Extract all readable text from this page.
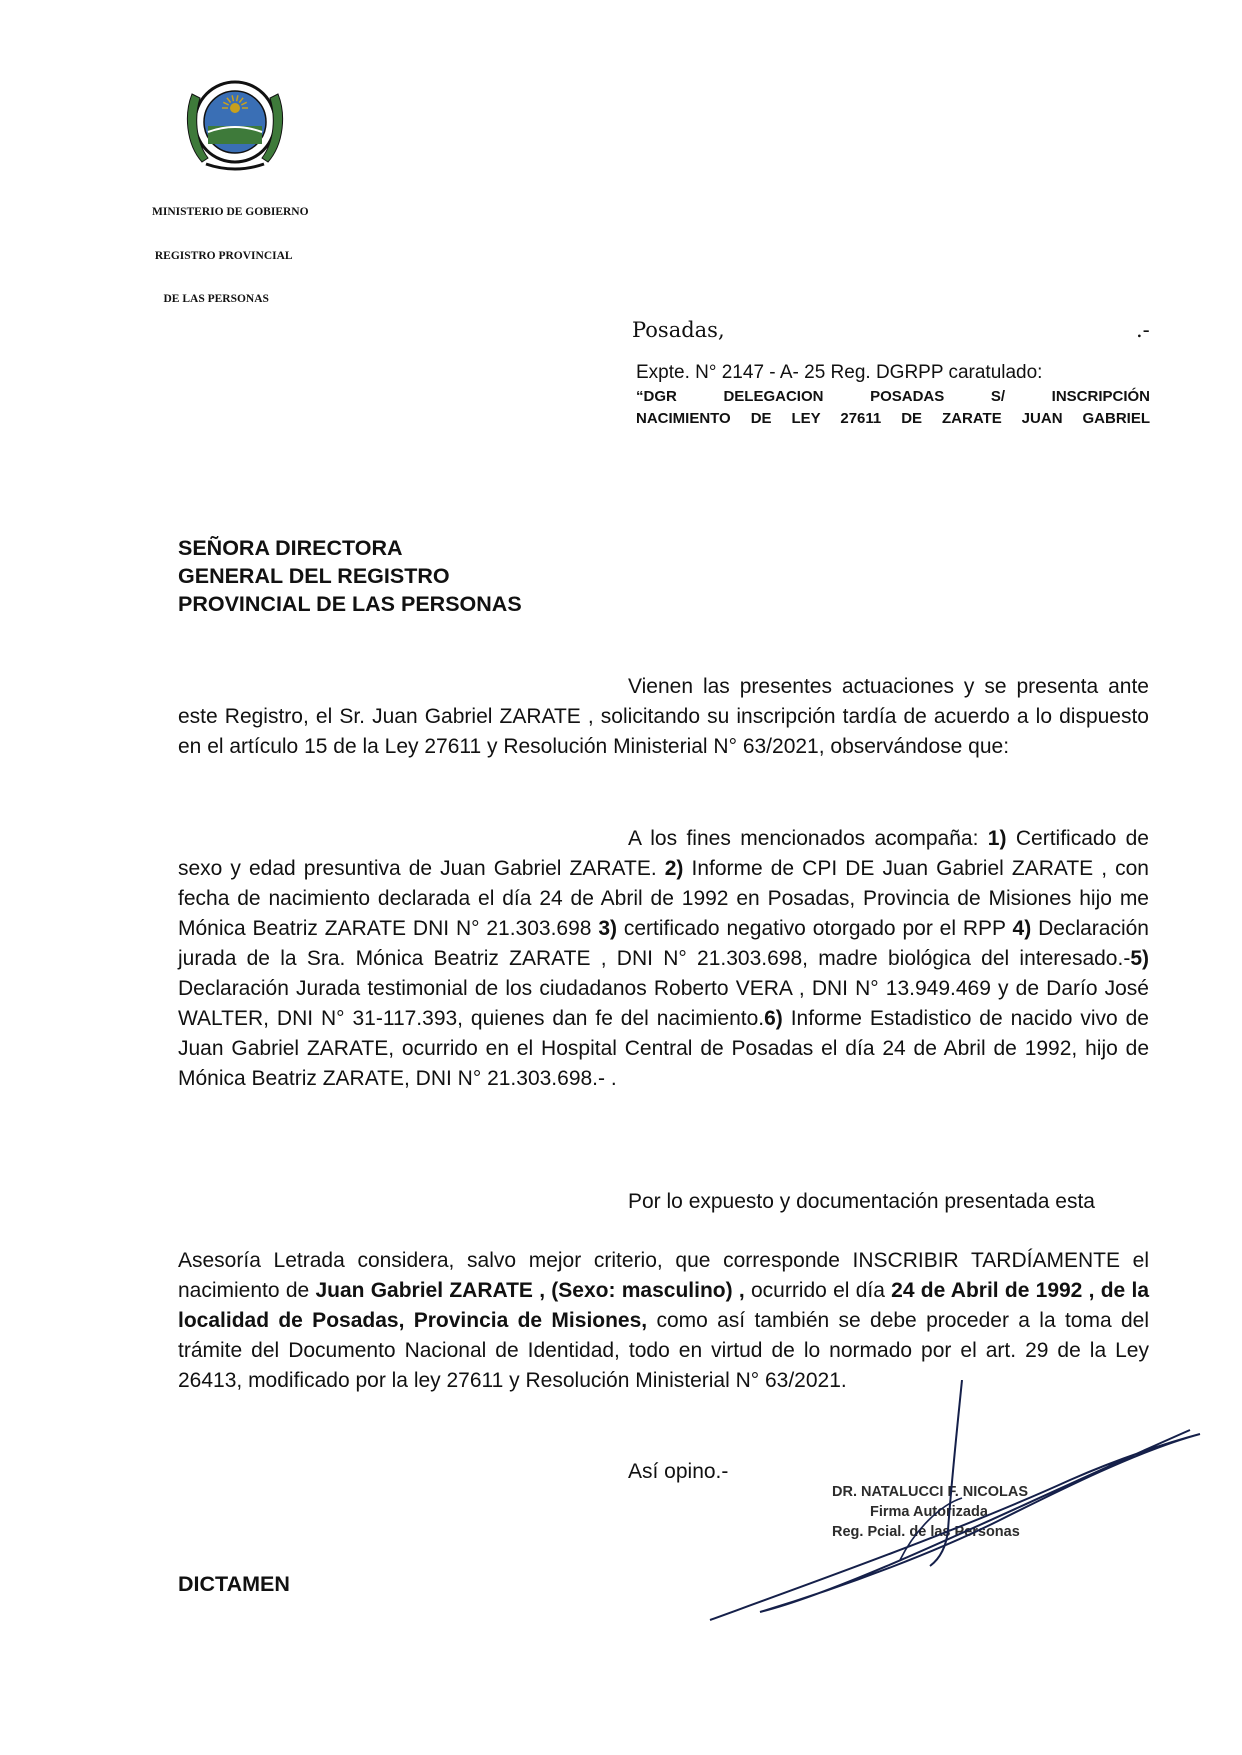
MINISTERIO DE GOBIERNO

REGISTRO PROVINCIAL

DE LAS PERSONAS

Posadas,	.-
Expte. N° 2147 - A- 25 Reg. DGRPP caratulado:
“DGR DELEGACION POSADAS S/ INSCRIPCIÓN
NACIMIENTO DE LEY 27611 DE ZARATE JUAN GABRIEL
SEÑORA DIRECTORA
GENERAL DEL REGISTRO
PROVINCIAL DE LAS PERSONAS
Vienen las presentes actuaciones y se presenta ante este Registro, el Sr. Juan Gabriel ZARATE , solicitando su inscripción tardía de acuerdo a lo dispuesto en el artículo 15 de la Ley 27611 y Resolución Ministerial N° 63/2021, observándose que:
A los fines mencionados acompaña: 1) Certificado de sexo y edad presuntiva de Juan Gabriel ZARATE. 2) Informe de CPI DE Juan Gabriel ZARATE , con fecha de nacimiento declarada el día 24 de Abril de 1992 en Posadas, Provincia de Misiones hijo me Mónica Beatriz ZARATE DNI N° 21.303.698 3) certificado negativo otorgado por el RPP 4) Declaración jurada de la Sra. Mónica Beatriz ZARATE , DNI N° 21.303.698, madre biológica del interesado.-5) Declaración Jurada testimonial de los ciudadanos Roberto VERA , DNI N° 13.949.469 y de Darío José WALTER, DNI N° 31-117.393, quienes dan fe del nacimiento.6) Informe Estadistico de nacido vivo de Juan Gabriel ZARATE, ocurrido en el Hospital Central de Posadas el día 24 de Abril de 1992, hijo de Mónica Beatriz ZARATE, DNI N° 21.303.698.- .
Por lo expuesto y documentación presentada esta
Asesoría Letrada considera, salvo mejor criterio, que corresponde INSCRIBIR TARDÍAMENTE el nacimiento de Juan Gabriel ZARATE , (Sexo: masculino) , ocurrido el día 24 de Abril de 1992 , de la localidad de Posadas, Provincia de Misiones, como así también se debe proceder a la toma del trámite del Documento Nacional de Identidad, todo en virtud de lo normado por el art. 29 de la Ley 26413, modificado por la ley 27611 y Resolución Ministerial N° 63/2021.
Así opino.-
DICTAMEN
DR. NATALUCCI F. NICOLAS
Firma Autorizada
Reg. Pcial. de las Personas
